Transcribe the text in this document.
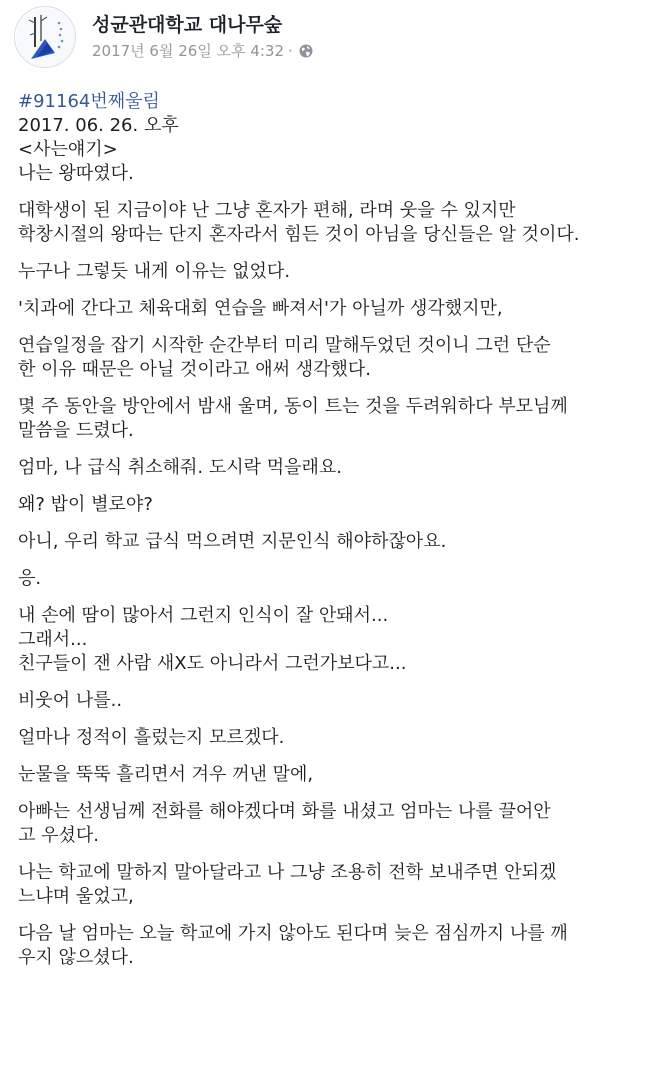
성균관대학교 대나무숲
2017년 6월 26일 오후 4:32 ·
#91164번째울림
2017. 06. 26. 오후
<사는얘기>
나는 왕따였다.
대학생이 된 지금이야 난 그냥 혼자가 편해, 라며 웃을 수 있지만
학창시절의 왕따는 단지 혼자라서 힘든 것이 아님을 당신들은 알 것이다.
누구나 그렇듯 내게 이유는 없었다.
'치과에 간다고 체육대회 연습을 빠져서'가 아닐까 생각했지만,
연습일정을 잡기 시작한 순간부터 미리 말해두었던 것이니 그런 단순
한 이유 때문은 아닐 것이라고 애써 생각했다.
몇 주 동안을 방안에서 밤새 울며, 동이 트는 것을 두려워하다 부모님께
말씀을 드렸다.
엄마, 나 급식 취소해줘. 도시락 먹을래요.
왜? 밥이 별로야?
아니, 우리 학교 급식 먹으려면 지문인식 해야하잖아요.
응.
내 손에 땀이 많아서 그런지 인식이 잘 안돼서...
그래서...
친구들이 잰 사람 새X도 아니라서 그런가보다고...
비웃어 나를..
얼마나 정적이 흘렀는지 모르겠다.
눈물을 뚝뚝 흘리면서 겨우 꺼낸 말에,
아빠는 선생님께 전화를 해야겠다며 화를 내셨고 엄마는 나를 끌어안
고 우셨다.
나는 학교에 말하지 말아달라고 나 그냥 조용히 전학 보내주면 안되겠
느냐며 울었고,
다음 날 엄마는 오늘 학교에 가지 않아도 된다며 늦은 점심까지 나를 깨
우지 않으셨다.
